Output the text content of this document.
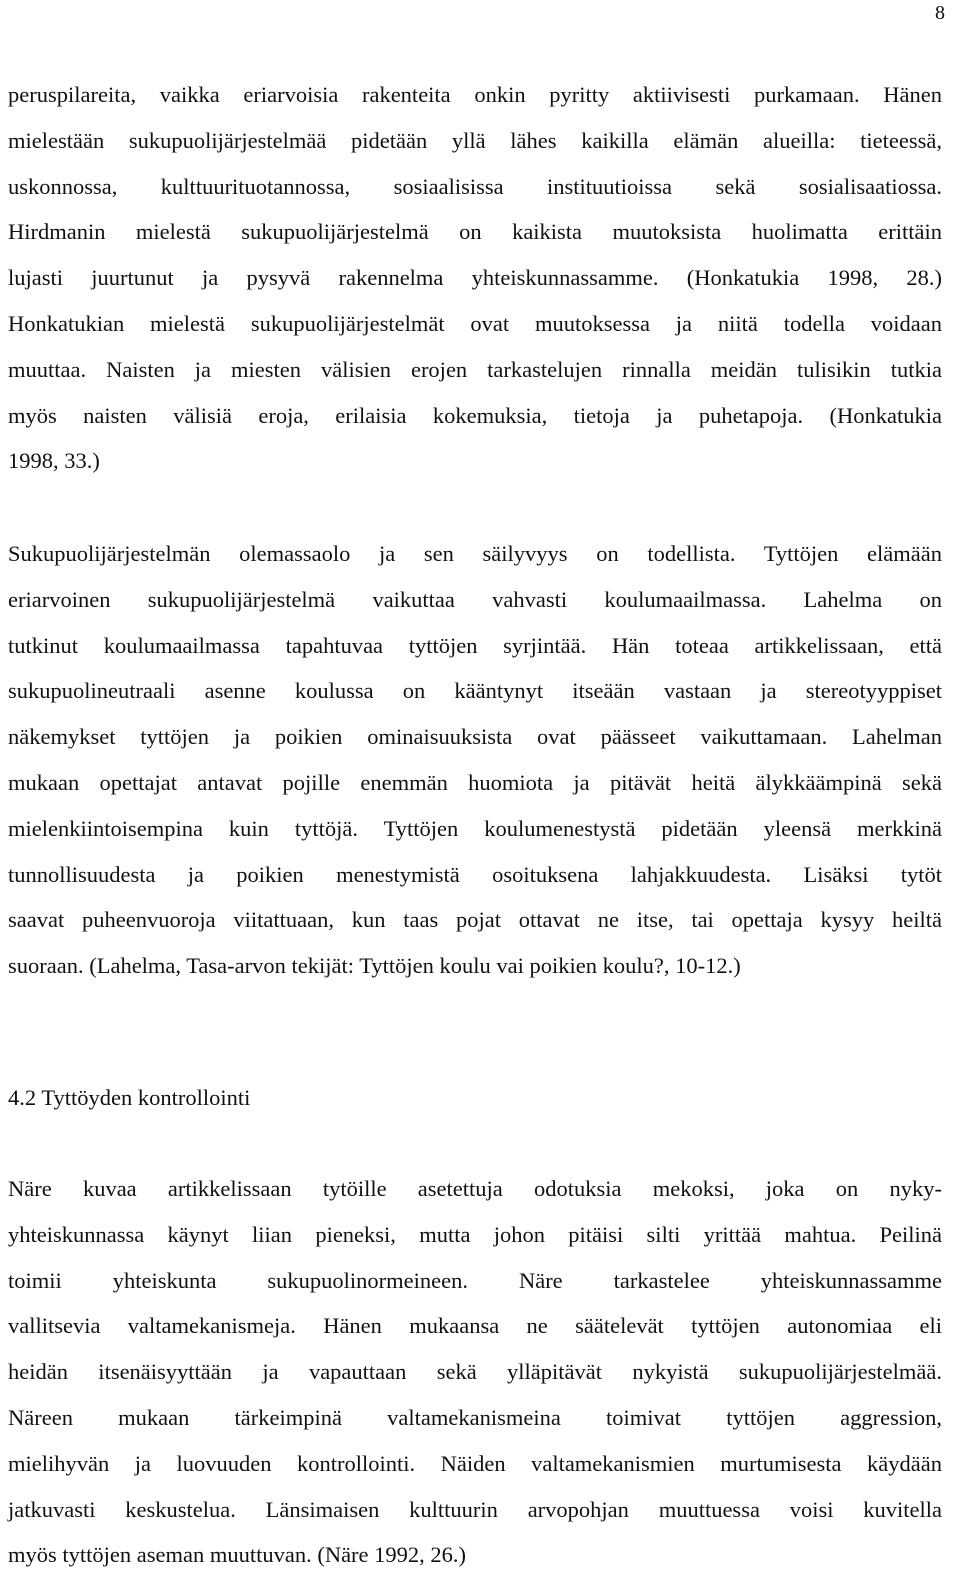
8
peruspilareita, vaikka eriarvoisia rakenteita onkin pyritty aktiivisesti purkamaan. Hänen
mielestään sukupuolijärjestelmää pidetään yllä lähes kaikilla elämän alueilla: tieteessä,
uskonnossa, kulttuurituotannossa, sosiaalisissa instituutioissa sekä sosialisaatiossa.
Hirdmanin mielestä sukupuolijärjestelmä on kaikista muutoksista huolimatta erittäin
lujasti juurtunut ja pysyvä rakennelma yhteiskunnassamme. (Honkatukia 1998, 28.)
Honkatukian mielestä sukupuolijärjestelmät ovat muutoksessa ja niitä todella voidaan
muuttaa. Naisten ja miesten välisien erojen tarkastelujen rinnalla meidän tulisikin tutkia
myös naisten välisiä eroja, erilaisia kokemuksia, tietoja ja puhetapoja. (Honkatukia
1998, 33.)
Sukupuolijärjestelmän olemassaolo ja sen säilyvyys on todellista. Tyttöjen elämään
eriarvoinen sukupuolijärjestelmä vaikuttaa vahvasti koulumaailmassa. Lahelma on
tutkinut koulumaailmassa tapahtuvaa tyttöjen syrjintää. Hän toteaa artikkelissaan, että
sukupuolineutraali asenne koulussa on kääntynyt itseään vastaan ja stereotyyppiset
näkemykset tyttöjen ja poikien ominaisuuksista ovat päässeet vaikuttamaan. Lahelman
mukaan opettajat antavat pojille enemmän huomiota ja pitävät heitä älykkäämpinä sekä
mielenkiintoisempina kuin tyttöjä. Tyttöjen koulumenestystä pidetään yleensä merkkinä
tunnollisuudesta ja poikien menestymistä osoituksena lahjakkuudesta. Lisäksi tytöt
saavat puheenvuoroja viitattuaan, kun taas pojat ottavat ne itse, tai opettaja kysyy heiltä
suoraan. (Lahelma, Tasa-arvon tekijät: Tyttöjen koulu vai poikien koulu?, 10-12.)
4.2 Tyttöyden kontrollointi
Näre kuvaa artikkelissaan tytöille asetettuja odotuksia mekoksi, joka on nyky-
yhteiskunnassa käynyt liian pieneksi, mutta johon pitäisi silti yrittää mahtua. Peilinä
toimii yhteiskunta sukupuolinormeineen. Näre tarkastelee yhteiskunnassamme
vallitsevia valtamekanismeja. Hänen mukaansa ne säätelevät tyttöjen autonomiaa eli
heidän itsenäisyyttään ja vapauttaan sekä ylläpitävät nykyistä sukupuolijärjestelmää.
Näreen mukaan tärkeimpinä valtamekanismeina toimivat tyttöjen aggression,
mielihyvän ja luovuuden kontrollointi. Näiden valtamekanismien murtumisesta käydään
jatkuvasti keskustelua. Länsimaisen kulttuurin arvopohjan muuttuessa voisi kuvitella
myös tyttöjen aseman muuttuvan. (Näre 1992, 26.)
